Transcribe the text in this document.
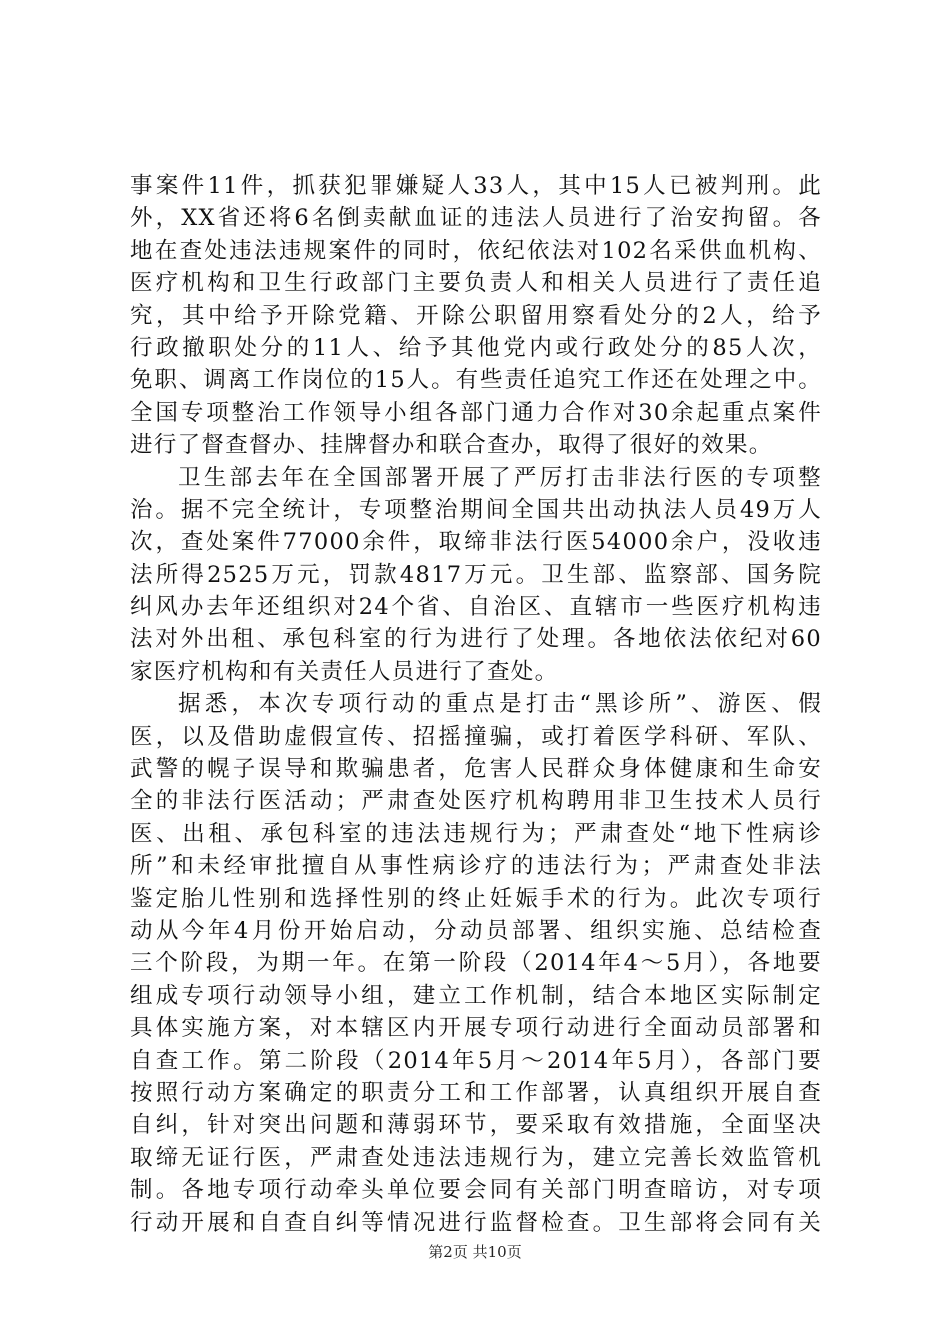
事案件11件，抓获犯罪嫌疑人33人，其中15人已被判刑。此
外，XX省还将6名倒卖献血证的违法人员进行了治安拘留。各
地在查处违法违规案件的同时，依纪依法对102名采供血机构、
医疗机构和卫生行政部门主要负责人和相关人员进行了责任追
究，其中给予开除党籍、开除公职留用察看处分的2人，给予
行政撤职处分的11人、给予其他党内或行政处分的85人次，
免职、调离工作岗位的15人。有些责任追究工作还在处理之中。
全国专项整治工作领导小组各部门通力合作对30余起重点案件
进行了督查督办、挂牌督办和联合查办，取得了很好的效果。
卫生部去年在全国部署开展了严厉打击非法行医的专项整
治。据不完全统计，专项整治期间全国共出动执法人员49万人
次，查处案件77000余件，取缔非法行医54000余户，没收违
法所得2525万元，罚款4817万元。卫生部、监察部、国务院
纠风办去年还组织对24个省、自治区、直辖市一些医疗机构违
法对外出租、承包科室的行为进行了处理。各地依法依纪对60
家医疗机构和有关责任人员进行了查处。
据悉，本次专项行动的重点是打击“黑诊所”、游医、假
医，以及借助虚假宣传、招摇撞骗，或打着医学科研、军队、
武警的幌子误导和欺骗患者，危害人民群众身体健康和生命安
全的非法行医活动；严肃查处医疗机构聘用非卫生技术人员行
医、出租、承包科室的违法违规行为；严肃查处“地下性病诊
所”和未经审批擅自从事性病诊疗的违法行为；严肃查处非法
鉴定胎儿性别和选择性别的终止妊娠手术的行为。此次专项行
动从今年4月份开始启动，分动员部署、组织实施、总结检查
三个阶段，为期一年。在第一阶段（2014年4～5月），各地要
组成专项行动领导小组，建立工作机制，结合本地区实际制定
具体实施方案，对本辖区内开展专项行动进行全面动员部署和
自查工作。第二阶段（2014年5月～2014年5月），各部门要
按照行动方案确定的职责分工和工作部署，认真组织开展自查
自纠，针对突出问题和薄弱环节，要采取有效措施，全面坚决
取缔无证行医，严肃查处违法违规行为，建立完善长效监管机
制。各地专项行动牵头单位要会同有关部门明查暗访，对专项
行动开展和自查自纠等情况进行监督检查。卫生部将会同有关
第2页 共10页
